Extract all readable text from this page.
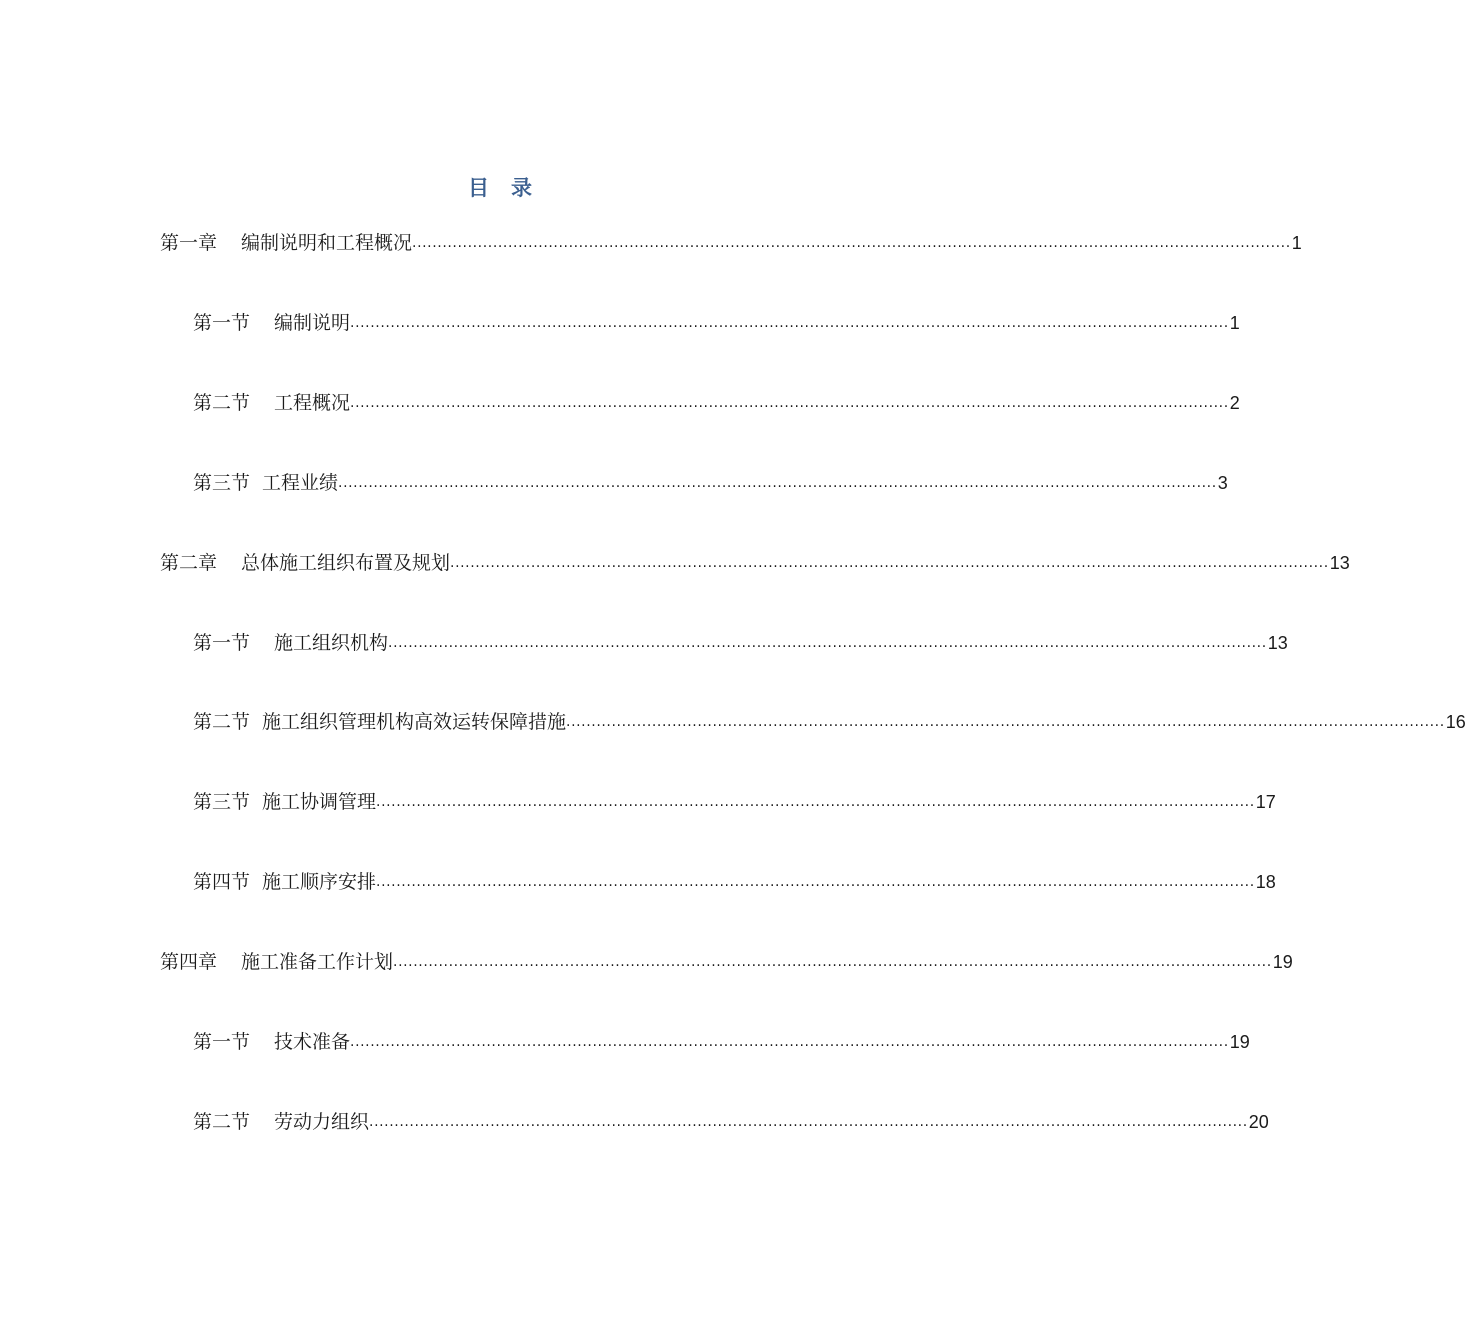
目 录
第一章 编制说明和工程概况 .............................................................................................................................................................................. 1
第一节 编制说明 .............................................................................................................................................................................. 1
第二节 工程概况 .............................................................................................................................................................................. 2
第三节 工程业绩 .............................................................................................................................................................................. 3
第二章 总体施工组织布置及规划 .............................................................................................................................................................................. 13
第一节 施工组织机构 .............................................................................................................................................................................. 13
第二节 施工组织管理机构高效运转保障措施 .............................................................................................................................................................................. 16
第三节 施工协调管理 .............................................................................................................................................................................. 17
第四节 施工顺序安排 .............................................................................................................................................................................. 18
第四章 施工准备工作计划 .............................................................................................................................................................................. 19
第一节 技术准备 .............................................................................................................................................................................. 19
第二节 劳动力组织 .............................................................................................................................................................................. 20
